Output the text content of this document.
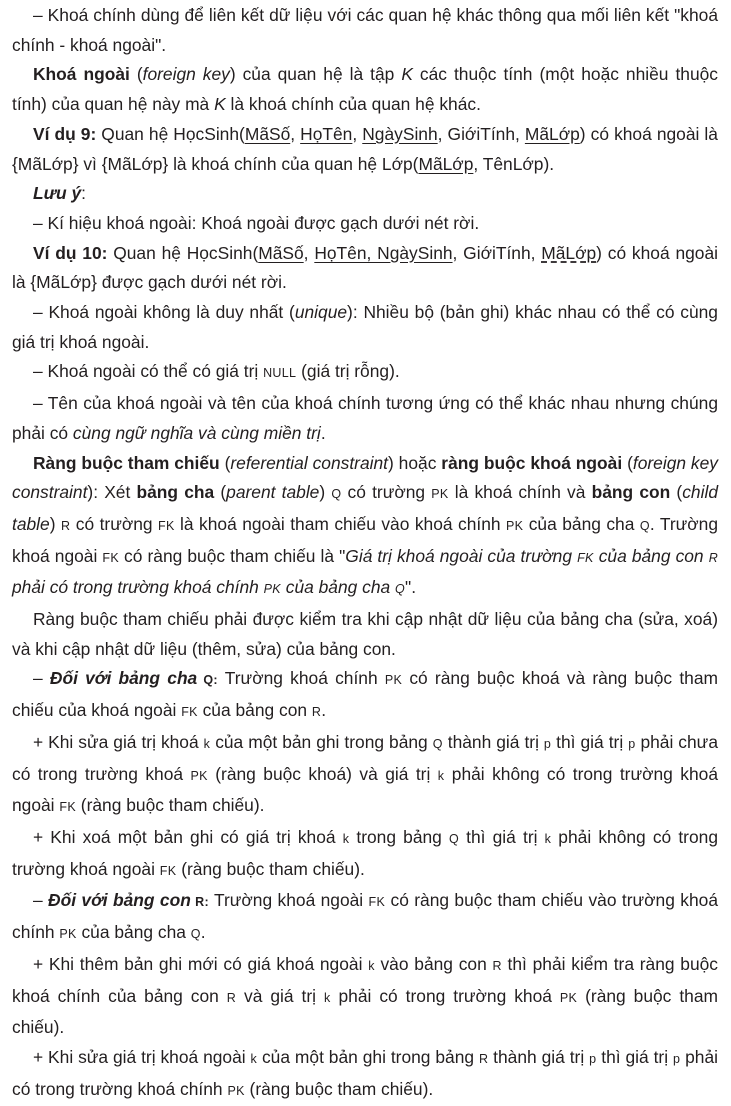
– Khoá chính dùng để liên kết dữ liệu với các quan hệ khác thông qua mối liên kết "khoá chính - khoá ngoài".

Khoá ngoài (foreign key) của quan hệ là tập K các thuộc tính (một hoặc nhiều thuộc tính) của quan hệ này mà K là khoá chính của quan hệ khác.

Ví dụ 9: Quan hệ HọcSinh(MãSố, HọTên, NgàySinh, GiớiTính, MãLớp) có khoá ngoài là {MãLớp} vì {MãLớp} là khoá chính của quan hệ Lớp(MãLớp, TênLớp).

Lưu ý:

– Kí hiệu khoá ngoài: Khoá ngoài được gạch dưới nét rời.

Ví dụ 10: Quan hệ HọcSinh(MãSố, HọTên, NgàySinh, GiớiTính, MãLớp) có khoá ngoài là {MãLớp} được gạch dưới nét rời.

– Khoá ngoài không là duy nhất (unique): Nhiều bộ (bản ghi) khác nhau có thể có cùng giá trị khoá ngoài.

– Khoá ngoài có thể có giá trị NULL (giá trị rỗng).

– Tên của khoá ngoài và tên của khoá chính tương ứng có thể khác nhau nhưng chúng phải có cùng ngữ nghĩa và cùng miền trị.

Ràng buộc tham chiếu (referential constraint) hoặc ràng buộc khoá ngoài (foreign key constraint): Xét bảng cha (parent table) Q có trường PK là khoá chính và bảng con (child table) R có trường FK là khoá ngoài tham chiếu vào khoá chính PK của bảng cha Q. Trường khoá ngoài FK có ràng buộc tham chiếu là "Giá trị khoá ngoài của trường FK của bảng con R phải có trong trường khoá chính PK của bảng cha Q".

Ràng buộc tham chiếu phải được kiểm tra khi cập nhật dữ liệu của bảng cha (sửa, xoá) và khi cập nhật dữ liệu (thêm, sửa) của bảng con.

– Đối với bảng cha Q: Trường khoá chính PK có ràng buộc khoá và ràng buộc tham chiếu của khoá ngoài FK của bảng con R.

+ Khi sửa giá trị khoá k của một bản ghi trong bảng Q thành giá trị p thì giá trị p phải chưa có trong trường khoá PK (ràng buộc khoá) và giá trị k phải không có trong trường khoá ngoài FK (ràng buộc tham chiếu).

+ Khi xoá một bản ghi có giá trị khoá k trong bảng Q thì giá trị k phải không có trong trường khoá ngoài FK (ràng buộc tham chiếu).

– Đối với bảng con R: Trường khoá ngoài FK có ràng buộc tham chiếu vào trường khoá chính PK của bảng cha Q.

+ Khi thêm bản ghi mới có giá khoá ngoài k vào bảng con R thì phải kiểm tra ràng buộc khoá chính của bảng con R và giá trị k phải có trong trường khoá PK (ràng buộc tham chiếu).

+ Khi sửa giá trị khoá ngoài k của một bản ghi trong bảng R thành giá trị p thì giá trị p phải có trong trường khoá chính PK (ràng buộc tham chiếu).
